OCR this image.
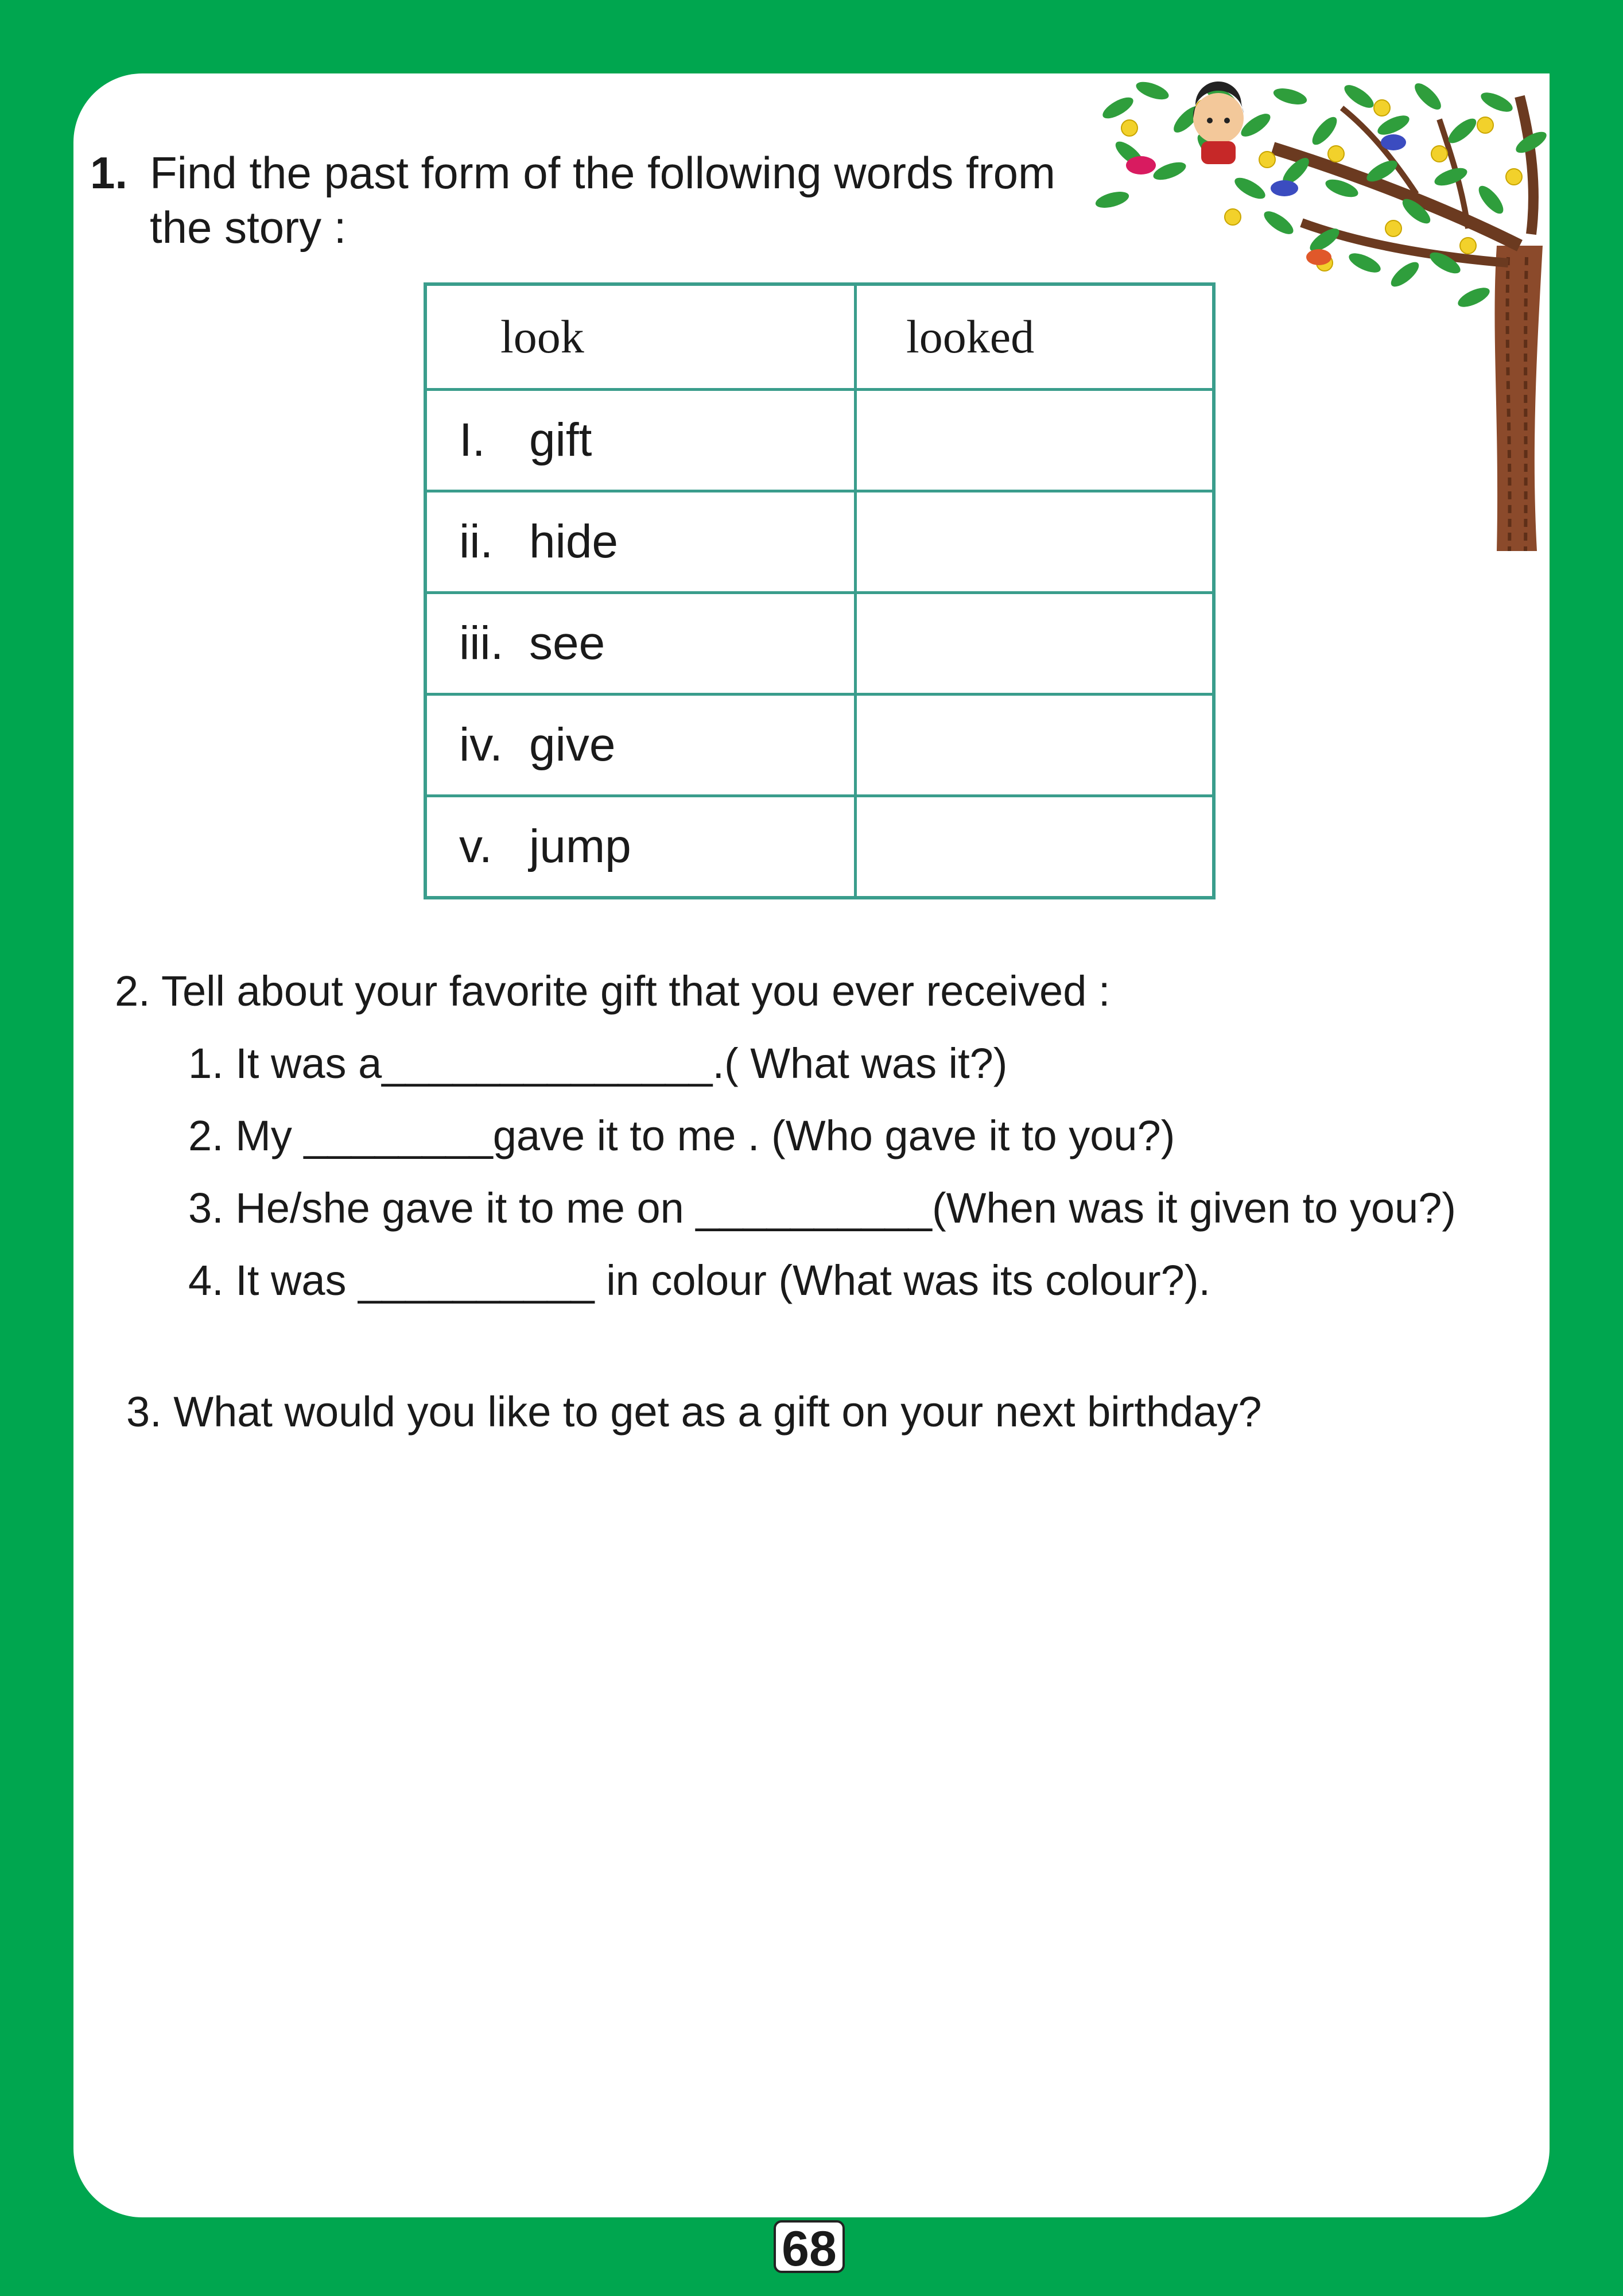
1. Find the past form of the following words from
the story :
look	looked
I. gift	
ii. hide	
iii. see	
iv. give	
v. jump	
2. Tell about your favorite gift that you ever received :
1. It was a______________.( What was it?)
2. My ________gave it to me . (Who gave it to you?)
3. He/she gave it to me on __________(When was it given to you?)
4. It was __________ in colour (What was its colour?).
3. What would you like to get as a gift on your next birthday?
68
